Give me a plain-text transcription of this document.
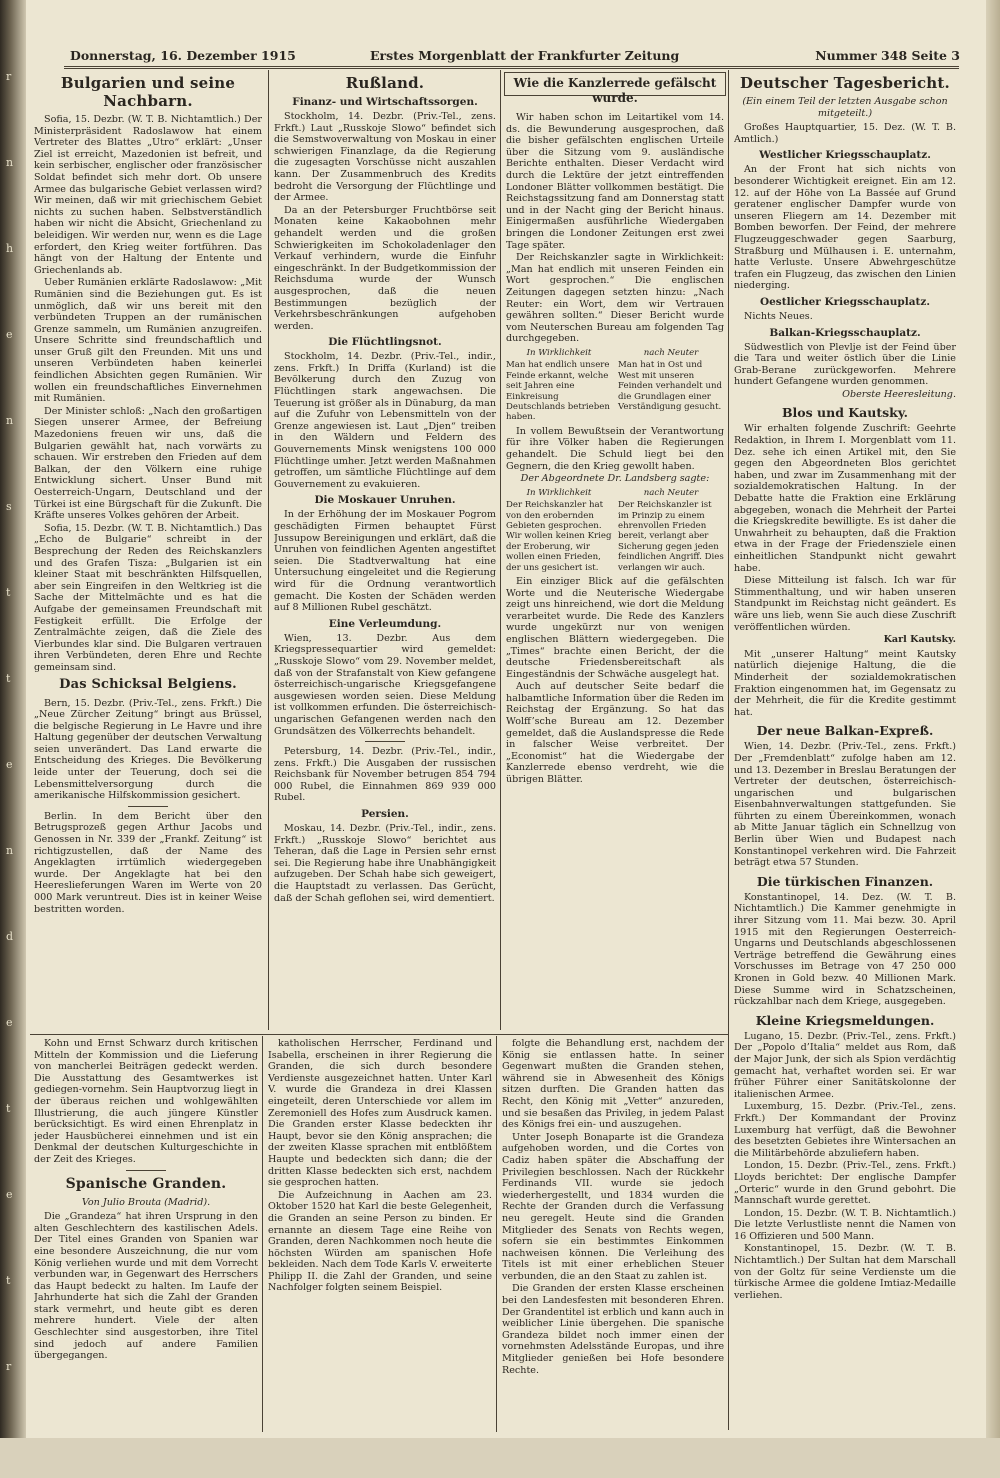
r
n
h
e
n
s
t
t
e
n
d
e
t
e
t
r
Donnerstag, 16. Dezember 1915	Erstes Morgenblatt der Frankfurter Zeitung	Nummer 348 Seite 3
Bulgarien und seine Nachbarn.

Sofia, 15. Dezbr. (W. T. B. Nichtamtlich.) Der Ministerpräsident Radoslawow hat einem Vertreter des Blattes „Utro“ erklärt: „Unser Ziel ist erreicht, Mazedonien ist befreit, und kein serbischer, englischer oder französischer Soldat befindet sich mehr dort. Ob unsere Armee das bulgarische Gebiet verlassen wird? Wir meinen, daß wir mit griechischem Gebiet nichts zu suchen haben. Selbstverständlich haben wir nicht die Absicht, Griechenland zu beleidigen. Wir werden nur, wenn es die Lage erfordert, den Krieg weiter fortführen. Das hängt von der Haltung der Entente und Griechenlands ab.

Ueber Rumänien erklärte Radoslawow: „Mit Rumänien sind die Beziehungen gut. Es ist unmöglich, daß wir uns bereit mit den verbündeten Truppen an der rumänischen Grenze sammeln, um Rumänien anzugreifen. Unsere Schritte sind freundschaftlich und unser Gruß gilt den Freunden. Mit uns und unseren Verbündeten haben keinerlei feindlichen Absichten gegen Rumänien. Wir wollen ein freundschaftliches Einvernehmen mit Rumänien.

Der Minister schloß: „Nach den großartigen Siegen unserer Armee, der Befreiung Mazedoniens freuen wir uns, daß die Bulgarien gewählt hat, nach vorwärts zu schauen. Wir erstreben den Frieden auf dem Balkan, der den Völkern eine ruhige Entwicklung sichert. Unser Bund mit Oesterreich-Ungarn, Deutschland und der Türkei ist eine Bürgschaft für die Zukunft. Die Kräfte unseres Volkes gehören der Arbeit.

Sofia, 15. Dezbr. (W. T. B. Nichtamtlich.) Das „Echo de Bulgarie“ schreibt in der Besprechung der Reden des Reichskanzlers und des Grafen Tisza: „Bulgarien ist ein kleiner Staat mit beschränkten Hilfsquellen, aber sein Eingreifen in den Weltkrieg ist die Sache der Mittelmächte und es hat die Aufgabe der gemeinsamen Freundschaft mit Festigkeit erfüllt. Die Erfolge der Zentralmächte zeigen, daß die Ziele des Vierbundes klar sind. Die Bulgaren vertrauen ihren Verbündeten, deren Ehre und Rechte gemeinsam sind.

Das Schicksal Belgiens.

Bern, 15. Dezbr. (Priv.-Tel., zens. Frkft.) Die „Neue Zürcher Zeitung“ bringt aus Brüssel, die belgische Regierung in Le Havre und ihre Haltung gegenüber der deutschen Verwaltung seien unverändert. Das Land erwarte die Entscheidung des Krieges. Die Bevölkerung leide unter der Teuerung, doch sei die Lebensmittelversorgung durch die amerikanische Hilfskommission gesichert.

Berlin. In dem Bericht über den Betrugsprozeß gegen Arthur Jacobs und Genossen in Nr. 339 der „Frankf. Zeitung“ ist richtigzustellen, daß der Name des Angeklagten irrtümlich wiedergegeben wurde. Der Angeklagte hat bei den Heereslieferungen Waren im Werte von 20 000 Mark veruntreut. Dies ist in keiner Weise bestritten worden.

Rußland.
Finanz- und Wirtschaftssorgen.

Stockholm, 14. Dezbr. (Priv.-Tel., zens. Frkft.) Laut „Russkoje Slowo“ befindet sich die Semstwoverwaltung von Moskau in einer schwierigen Finanzlage, da die Regierung die zugesagten Vorschüsse nicht auszahlen kann. Der Zusammenbruch des Kredits bedroht die Versorgung der Flüchtlinge und der Armee.

Da an der Petersburger Fruchtbörse seit Monaten keine Kakaobohnen mehr gehandelt werden und die großen Schwierigkeiten im Schokoladenlager den Verkauf verhindern, wurde die Einfuhr eingeschränkt. In der Budgetkommission der Reichsduma wurde der Wunsch ausgesprochen, daß die neuen Bestimmungen bezüglich der Verkehrsbeschränkungen aufgehoben werden.

Die Flüchtlingsnot.

Stockholm, 14. Dezbr. (Priv.-Tel., indir., zens. Frkft.) In Driffa (Kurland) ist die Bevölkerung durch den Zuzug von Flüchtlingen stark angewachsen. Die Teuerung ist größer als in Dünaburg, da man auf die Zufuhr von Lebensmitteln von der Grenze angewiesen ist. Laut „Djen“ treiben in den Wäldern und Feldern des Gouvernements Minsk wenigstens 100 000 Flüchtlinge umher. Jetzt werden Maßnahmen getroffen, um sämtliche Flüchtlinge auf dem Gouvernement zu evakuieren.

Die Moskauer Unruhen.

In der Erhöhung der im Moskauer Pogrom geschädigten Firmen behauptet Fürst Jussupow Bereinigungen und erklärt, daß die Unruhen von feindlichen Agenten angestiftet seien. Die Stadtverwaltung hat eine Untersuchung eingeleitet und die Regierung wird für die Ordnung verantwortlich gemacht. Die Kosten der Schäden werden auf 8 Millionen Rubel geschätzt.

Eine Verleumdung.

Wien, 13. Dezbr. Aus dem Kriegspressequartier wird gemeldet: „Russkoje Slowo“ vom 29. November meldet, daß von der Strafanstalt von Kiew gefangene österreichisch-ungarische Kriegsgefangene ausgewiesen worden seien. Diese Meldung ist vollkommen erfunden. Die österreichisch-ungarischen Gefangenen werden nach den Grundsätzen des Völkerrechts behandelt.

Petersburg, 14. Dezbr. (Priv.-Tel., indir., zens. Frkft.) Die Ausgaben der russischen Reichsbank für November betrugen 854 794 000 Rubel, die Einnahmen 869 939 000 Rubel.

Persien.

Moskau, 14. Dezbr. (Priv.-Tel., indir., zens. Frkft.) „Russkoje Slowo“ berichtet aus Teheran, daß die Lage in Persien sehr ernst sei. Die Regierung habe ihre Unabhängigkeit aufzugeben. Der Schah habe sich geweigert, die Hauptstadt zu verlassen. Das Gerücht, daß der Schah geflohen sei, wird dementiert.

Wie die Kanzlerrede gefälscht wurde.

Wir haben schon im Leitartikel vom 14. ds. die Bewunderung ausgesprochen, daß die bisher gefälschten englischen Urteile über die Sitzung vom 9. ausländische Berichte enthalten. Dieser Verdacht wird durch die Lektüre der jetzt eintreffenden Londoner Blätter vollkommen bestätigt. Die Reichstagssitzung fand am Donnerstag statt und in der Nacht ging der Bericht hinaus. Einigermaßen ausführliche Wiedergaben bringen die Londoner Zeitungen erst zwei Tage später.

Der Reichskanzler sagte in Wirklichkeit: „Man hat endlich mit unseren Feinden ein Wort gesprochen.“ Die englischen Zeitungen dagegen setzten hinzu: „Nach Reuter: ein Wort, dem wir Vertrauen gewähren sollten.“ Dieser Bericht wurde vom Neuterschen Bureau am folgenden Tag durchgegeben.

In Wirklichkeit
Man hat endlich unsere Feinde erkannt, welche seit Jahren eine Einkreisung Deutschlands betrieben haben.
nach Neuter
Man hat in Ost und West mit unseren Feinden verhandelt und die Grundlagen einer Verständigung gesucht.

In vollem Bewußtsein der Verantwortung für ihre Völker haben die Regierungen gehandelt. Die Schuld liegt bei den Gegnern, die den Krieg gewollt haben.

Der Abgeordnete Dr. Landsberg sagte:
In Wirklichkeit
Der Reichskanzler hat von den erobernden Gebieten gesprochen. Wir wollen keinen Krieg der Eroberung, wir wollen einen Frieden, der uns gesichert ist.
nach Neuter
Der Reichskanzler ist im Prinzip zu einem ehrenvollen Frieden bereit, verlangt aber Sicherung gegen jeden feindlichen Angriff. Dies verlangen wir auch.

Ein einziger Blick auf die gefälschten Worte und die Neuterische Wiedergabe zeigt uns hinreichend, wie dort die Meldung verarbeitet wurde. Die Rede des Kanzlers wurde ungekürzt nur von wenigen englischen Blättern wiedergegeben. Die „Times“ brachte einen Bericht, der die deutsche Friedensbereitschaft als Eingeständnis der Schwäche ausgelegt hat.

Auch auf deutscher Seite bedarf die halbamtliche Information über die Reden im Reichstag der Ergänzung. So hat das Wolff’sche Bureau am 12. Dezember gemeldet, daß die Auslandspresse die Rede in falscher Weise verbreitet. Der „Economist“ hat die Wiedergabe der Kanzlerrede ebenso verdreht, wie die übrigen Blätter.

Deutscher Tagesbericht.
(Ein einem Teil der letzten Ausgabe schon mitgeteilt.)

Großes Hauptquartier, 15. Dez. (W. T. B. Amtlich.)

Westlicher Kriegsschauplatz.

An der Front hat sich nichts von besonderer Wichtigkeit ereignet. Ein am 12. 12. auf der Höhe von La Bassée auf Grund geratener englischer Dampfer wurde von unseren Fliegern am 14. Dezember mit Bomben beworfen. Der Feind, der mehrere Flugzeuggeschwader gegen Saarburg, Straßburg und Mülhausen i. E. unternahm, hatte Verluste. Unsere Abwehrgeschütze trafen ein Flugzeug, das zwischen den Linien niederging.

Oestlicher Kriegsschauplatz.

Nichts Neues.

Balkan-Kriegsschauplatz.

Südwestlich von Plevlje ist der Feind über die Tara und weiter östlich über die Linie Grab-Berane zurückgeworfen. Mehrere hundert Gefangene wurden genommen.

Oberste Heeresleitung.
Blos und Kautsky.

Wir erhalten folgende Zuschrift: Geehrte Redaktion, in Ihrem I. Morgenblatt vom 11. Dez. sehe ich einen Artikel mit, den Sie gegen den Abgeordneten Blos gerichtet haben, und zwar im Zusammenhang mit der sozialdemokratischen Haltung. In der Debatte hatte die Fraktion eine Erklärung abgegeben, wonach die Mehrheit der Partei die Kriegskredite bewilligte. Es ist daher die Unwahrheit zu behaupten, daß die Fraktion etwa in der Frage der Friedensziele einen einheitlichen Standpunkt nicht gewahrt habe.

Diese Mitteilung ist falsch. Ich war für Stimmenthaltung, und wir haben unseren Standpunkt im Reichstag nicht geändert. Es wäre uns lieb, wenn Sie auch diese Zuschrift veröffentlichen würden.

Karl Kautsky.

Mit „unserer Haltung“ meint Kautsky natürlich diejenige Haltung, die die Minderheit der sozialdemokratischen Fraktion eingenommen hat, im Gegensatz zu der Mehrheit, die für die Kredite gestimmt hat.

Der neue Balkan-Expreß.

Wien, 14. Dezbr. (Priv.-Tel., zens. Frkft.) Der „Fremdenblatt“ zufolge haben am 12. und 13. Dezember in Breslau Beratungen der Vertreter der deutschen, österreichisch-ungarischen und bulgarischen Eisenbahnverwaltungen stattgefunden. Sie führten zu einem Übereinkommen, wonach ab Mitte Januar täglich ein Schnellzug von Berlin über Wien und Budapest nach Konstantinopel verkehren wird. Die Fahrzeit beträgt etwa 57 Stunden.

Die türkischen Finanzen.

Konstantinopel, 14. Dez. (W. T. B. Nichtamtlich.) Die Kammer genehmigte in ihrer Sitzung vom 11. Mai bezw. 30. April 1915 mit den Regierungen Oesterreich-Ungarns und Deutschlands abgeschlossenen Verträge betreffend die Gewährung eines Vorschusses im Betrage von 47 250 000 Kronen in Gold bezw. 40 Millionen Mark. Diese Summe wird in Schatzscheinen, rückzahlbar nach dem Kriege, ausgegeben.

Kleine Kriegsmeldungen.

Lugano, 15. Dezbr. (Priv.-Tel., zens. Frkft.) Der „Popolo d’Italia“ meldet aus Rom, daß der Major Junk, der sich als Spion verdächtig gemacht hat, verhaftet worden sei. Er war früher Führer einer Sanitätskolonne der italienischen Armee.

Luxemburg, 15. Dezbr. (Priv.-Tel., zens. Frkft.) Der Kommandant der Provinz Luxemburg hat verfügt, daß die Bewohner des besetzten Gebietes ihre Wintersachen an die Militärbehörde abzuliefern haben.

London, 15. Dezbr. (Priv.-Tel., zens. Frkft.) Lloyds berichtet: Der englische Dampfer „Orteric“ wurde in den Grund gebohrt. Die Mannschaft wurde gerettet.

London, 15. Dezbr. (W. T. B. Nichtamtlich.) Die letzte Verlustliste nennt die Namen von 16 Offizieren und 500 Mann.

Konstantinopel, 15. Dezbr. (W. T. B. Nichtamtlich.) Der Sultan hat dem Marschall von der Goltz für seine Verdienste um die türkische Armee die goldene Imtiaz-Medaille verliehen.

Kohn und Ernst Schwarz durch kritischen Mitteln der Kommission und die Lieferung von mancherlei Beiträgen gedeckt werden. Die Ausstattung des Gesamtwerkes ist gediegen-vornehm. Sein Hauptvorzug liegt in der überaus reichen und wohlgewählten Illustrierung, die auch jüngere Künstler berücksichtigt. Es wird einen Ehrenplatz in jeder Hausbücherei einnehmen und ist ein Denkmal der deutschen Kulturgeschichte in der Zeit des Krieges.

Spanische Granden.
Von Julio Brouta (Madrid).

Die „Grandeza“ hat ihren Ursprung in den alten Geschlechtern des kastilischen Adels. Der Titel eines Granden von Spanien war eine besondere Auszeichnung, die nur vom König verliehen wurde und mit dem Vorrecht verbunden war, in Gegenwart des Herrschers das Haupt bedeckt zu halten. Im Laufe der Jahrhunderte hat sich die Zahl der Granden stark vermehrt, und heute gibt es deren mehrere hundert. Viele der alten Geschlechter sind ausgestorben, ihre Titel sind jedoch auf andere Familien übergegangen.

katholischen Herrscher, Ferdinand und Isabella, erscheinen in ihrer Regierung die Granden, die sich durch besondere Verdienste ausgezeichnet hatten. Unter Karl V. wurde die Grandeza in drei Klassen eingeteilt, deren Unterschiede vor allem im Zeremoniell des Hofes zum Ausdruck kamen. Die Granden erster Klasse bedeckten ihr Haupt, bevor sie den König ansprachen; die der zweiten Klasse sprachen mit entblößtem Haupte und bedeckten sich dann; die der dritten Klasse bedeckten sich erst, nachdem sie gesprochen hatten.

Die Aufzeichnung in Aachen am 23. Oktober 1520 hat Karl die beste Gelegenheit, die Granden an seine Person zu binden. Er ernannte an diesem Tage eine Reihe von Granden, deren Nachkommen noch heute die höchsten Würden am spanischen Hofe bekleiden. Nach dem Tode Karls V. erweiterte Philipp II. die Zahl der Granden, und seine Nachfolger folgten seinem Beispiel.

folgte die Behandlung erst, nachdem der König sie entlassen hatte. In seiner Gegenwart mußten die Granden stehen, während sie in Abwesenheit des Königs sitzen durften. Die Granden hatten das Recht, den König mit „Vetter“ anzureden, und sie besaßen das Privileg, in jedem Palast des Königs frei ein- und auszugehen.

Unter Joseph Bonaparte ist die Grandeza aufgehoben worden, und die Cortes von Cadiz haben später die Abschaffung der Privilegien beschlossen. Nach der Rückkehr Ferdinands VII. wurde sie jedoch wiederhergestellt, und 1834 wurden die Rechte der Granden durch die Verfassung neu geregelt. Heute sind die Granden Mitglieder des Senats von Rechts wegen, sofern sie ein bestimmtes Einkommen nachweisen können. Die Verleihung des Titels ist mit einer erheblichen Steuer verbunden, die an den Staat zu zahlen ist.

Die Granden der ersten Klasse erscheinen bei den Landesfesten mit besonderen Ehren. Der Grandentitel ist erblich und kann auch in weiblicher Linie übergehen. Die spanische Grandeza bildet noch immer einen der vornehmsten Adelsstände Europas, und ihre Mitglieder genießen bei Hofe besondere Rechte.
